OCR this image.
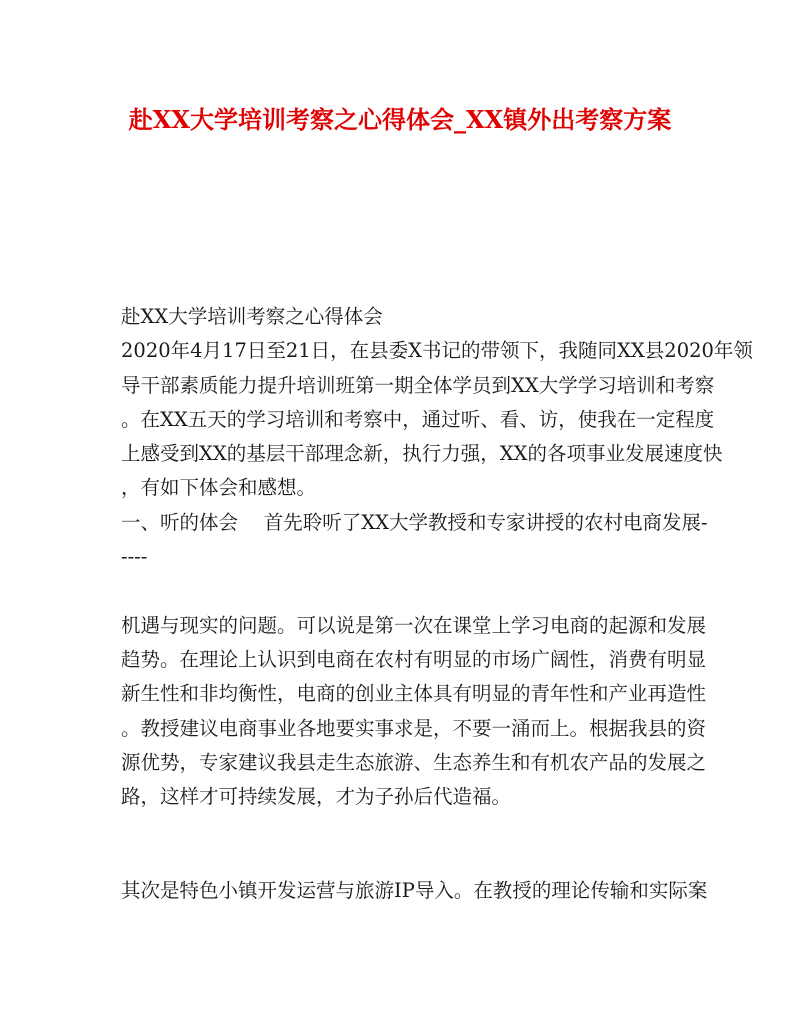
赴XX大学培训考察之心得体会_XX镇外出考察方案
赴XX大学培训考察之心得体会
2020年4月17日至21日，在县委X书记的带领下，我随同XX县2020年领
导干部素质能力提升培训班第一期全体学员到XX大学学习培训和考察
。在XX五天的学习培训和考察中，通过听、看、访，使我在一定程度
上感受到XX的基层干部理念新，执行力强，XX的各项事业发展速度快
，有如下体会和感想。
一、听的体会　 首先聆听了XX大学教授和专家讲授的农村电商发展-
----
机遇与现实的问题。可以说是第一次在课堂上学习电商的起源和发展
趋势。在理论上认识到电商在农村有明显的市场广阔性，消费有明显
新生性和非均衡性，电商的创业主体具有明显的青年性和产业再造性
。教授建议电商事业各地要实事求是，不要一涌而上。根据我县的资
源优势，专家建议我县走生态旅游、生态养生和有机农产品的发展之
路，这样才可持续发展，才为子孙后代造福。
其次是特色小镇开发运营与旅游IP导入。在教授的理论传输和实际案
